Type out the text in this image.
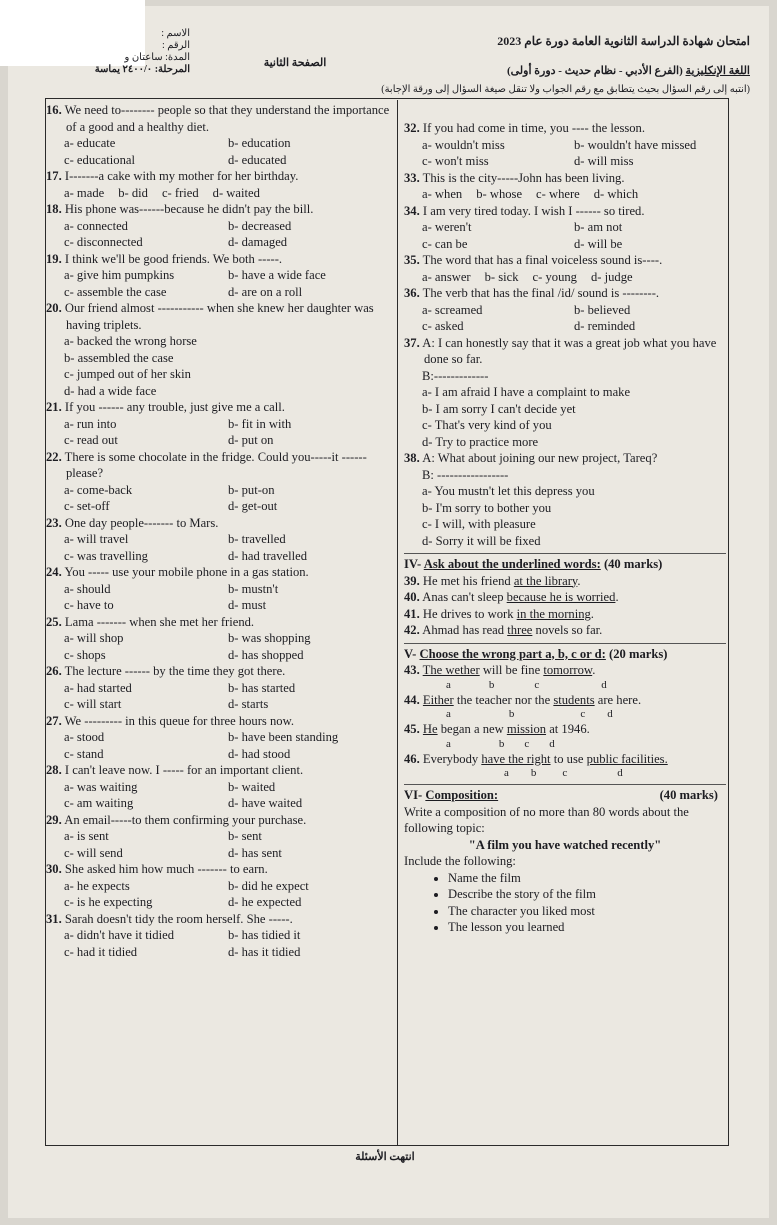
الاسم :
الرقم :
المدة: ساعتان و
المرحلة: ٢٤٠٠/٠ يماسة
امتحان شهادة الدراسة الثانوية العامة دورة عام 2023
الصفحة الثانية
اللغة الإنكليزية (الفرع الأدبي - نظام حديث - دورة أولى)
(انتبه إلى رقم السؤال بحيث يتطابق مع رقم الجواب ولا تنقل صيغة السؤال إلى ورقة الإجابة)
16. We need to-------- people so that they understand the importance of a good and a healthy diet.
a- educate	b- education
c- educational	d- educated
17. I-------a cake with my mother for her birthday.
a- made b- did c- fried d- waited
18. His phone was------because he didn't pay the bill.
a- connected	b- decreased
c- disconnected	d- damaged
19. I think we'll be good friends. We both -----.
a- give him pumpkins	b- have a wide face
c- assemble the case	d- are on a roll
20. Our friend almost ----------- when she knew her daughter was having triplets.
a- backed the wrong horse
b- assembled the case
c- jumped out of her skin
d- had a wide face
21. If you ------ any trouble, just give me a call.
a- run into	b- fit in with
c- read out	d- put on
22. There is some chocolate in the fridge. Could you-----it ------please?
a- come-back	b- put-on
c- set-off	d- get-out
23. One day people------- to Mars.
a- will travel	b- travelled
c- was travelling	d- had travelled
24. You ----- use your mobile phone in a gas station.
a- should	b- mustn't
c- have to	d- must
25. Lama ------- when she met her friend.
a- will shop	b- was shopping
c- shops	d- has shopped
26. The lecture ------ by the time they got there.
a- had started	b- has started
c- will start	d- starts
27. We --------- in this queue for three hours now.
a- stood	b- have been standing
c- stand	d- had stood
28. I can't leave now. I ----- for an important client.
a- was waiting	b- waited
c- am waiting	d- have waited
29. An email-----to them confirming your purchase.
a- is sent	b- sent
c- will send	d- has sent
30. She asked him how much ------- to earn.
a- he expects	b- did he expect
c- is he expecting	d- he expected
31. Sarah doesn't tidy the room herself. She -----.
a- didn't have it tidied	b- has tidied it
c- had it tidied	d- has it tidied
32. If you had come in time, you ---- the lesson.
a- wouldn't miss	b- wouldn't have missed
c- won't miss	d- will miss
33. This is the city-----John has been living.
a- when b- whose c- where d- which
34. I am very tired today. I wish I ------ so tired.
a- weren't	b- am not
c- can be	d- will be
35. The word that has a final voiceless sound is----.
a- answer b- sick c- young d- judge
36. The verb that has the final /id/ sound is --------.
a- screamed	b- believed
c- asked	d- reminded
37. A: I can honestly say that it was a great job what you have done so far.
B:-------------
a- I am afraid I have a complaint to make
b- I am sorry I can't decide yet
c- That's very kind of you
d- Try to practice more
38. A: What about joining our new project, Tareq?
B: -----------------
a- You mustn't let this depress you
b- I'm sorry to bother you
c- I will, with pleasure
d- Sorry it will be fixed
IV- Ask about the underlined words: (40 marks)
39. He met his friend at the library.
40. Anas can't sleep because he is worried.
41. He drives to work in the morning.
42. Ahmad has read three novels so far.
V- Choose the wrong part a, b, c or d: (20 marks)
43. The wether will be fine tomorrow.
a	b	c	d
44. Either the teacher nor the students are here.
a	b	c d
45. He began a new mission at 1946.
a	b c d
46. Everybody have the right to use public facilities.
a b c	d
VI-
Composition:	(40 marks)
Write a composition of no more than 80 words about the following topic:
"A film you have watched recently"
Include the following:
• Name the film
• Describe the story of the film
• The character you liked most
• The lesson you learned
انتهت الأسئلة
